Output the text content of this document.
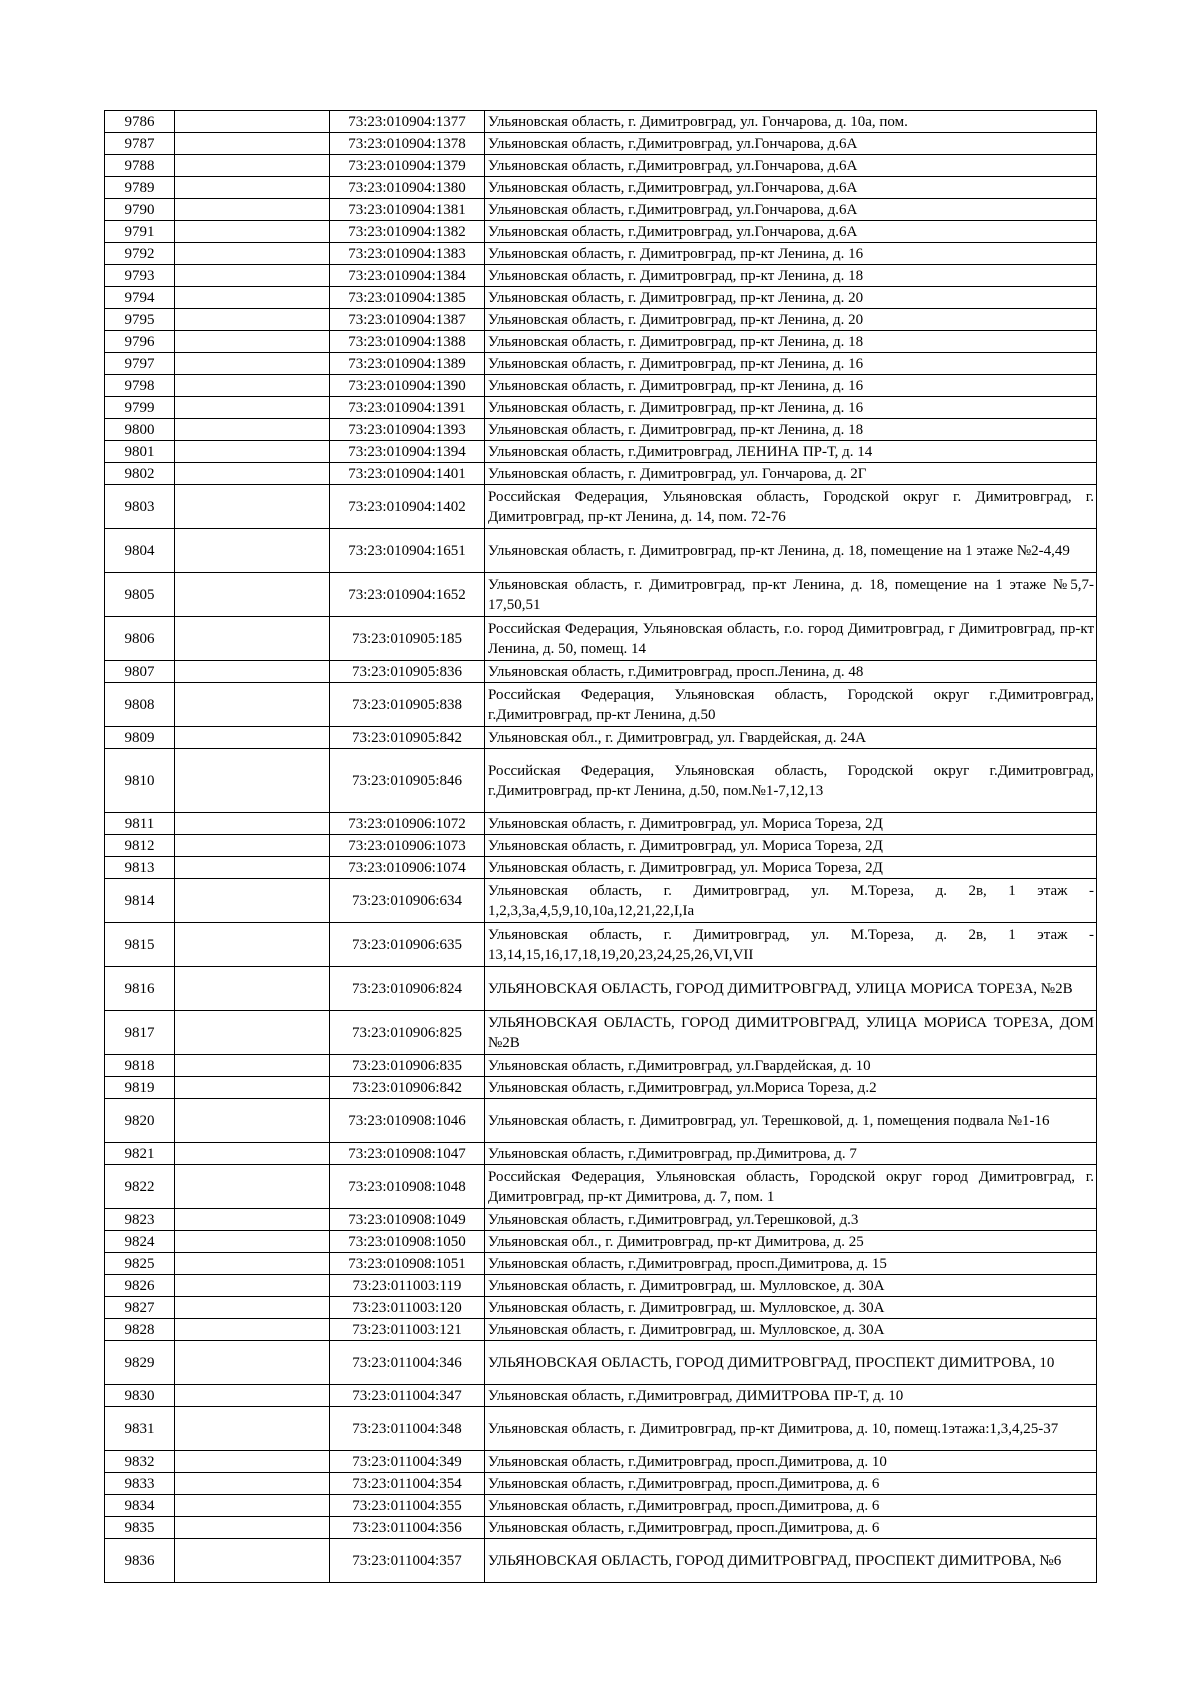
9786		73:23:010904:1377	Ульяновская область, г. Димитровград, ул. Гончарова, д. 10а, пом.
9787		73:23:010904:1378	Ульяновская область, г.Димитровград, ул.Гончарова, д.6А
9788		73:23:010904:1379	Ульяновская область, г.Димитровград, ул.Гончарова, д.6А
9789		73:23:010904:1380	Ульяновская область, г.Димитровград, ул.Гончарова, д.6А
9790		73:23:010904:1381	Ульяновская область, г.Димитровград, ул.Гончарова, д.6А
9791		73:23:010904:1382	Ульяновская область, г.Димитровград, ул.Гончарова, д.6А
9792		73:23:010904:1383	Ульяновская область, г. Димитровград, пр-кт Ленина, д. 16
9793		73:23:010904:1384	Ульяновская область, г. Димитровград, пр-кт Ленина, д. 18
9794		73:23:010904:1385	Ульяновская область, г. Димитровград, пр-кт Ленина, д. 20
9795		73:23:010904:1387	Ульяновская область, г. Димитровград, пр-кт Ленина, д. 20
9796		73:23:010904:1388	Ульяновская область, г. Димитровград, пр-кт Ленина, д. 18
9797		73:23:010904:1389	Ульяновская область, г. Димитровград, пр-кт Ленина, д. 16
9798		73:23:010904:1390	Ульяновская область, г. Димитровград, пр-кт Ленина, д. 16
9799		73:23:010904:1391	Ульяновская область, г. Димитровград, пр-кт Ленина, д. 16
9800		73:23:010904:1393	Ульяновская область, г. Димитровград, пр-кт Ленина, д. 18
9801		73:23:010904:1394	Ульяновская область, г.Димитровград, ЛЕНИНА ПР-Т, д. 14
9802		73:23:010904:1401	Ульяновская область, г. Димитровград, ул. Гончарова, д. 2Г
9803		73:23:010904:1402	Российская Федерация, Ульяновская область, Городской округ г. Димитровград, г. Димитровград, пр-кт Ленина, д. 14, пом. 72-76
9804		73:23:010904:1651	Ульяновская область, г. Димитровград, пр-кт Ленина, д. 18, помещение на 1 этаже №2-4,49
9805		73:23:010904:1652	Ульяновская область, г. Димитровград, пр-кт Ленина, д. 18, помещение на 1 этаже №5,7-17,50,51
9806		73:23:010905:185	Российская Федерация, Ульяновская область, г.о. город Димитровград, г Димитровград, пр-кт Ленина, д. 50, помещ. 14
9807		73:23:010905:836	Ульяновская область, г.Димитровград, просп.Ленина, д. 48
9808		73:23:010905:838	Российская Федерация, Ульяновская область, Городской округ г.Димитровград, г.Димитровград, пр-кт Ленина, д.50
9809		73:23:010905:842	Ульяновская обл., г. Димитровград, ул. Гвардейская, д. 24А
9810		73:23:010905:846	Российская Федерация, Ульяновская область, Городской округ г.Димитровград, г.Димитровград, пр-кт Ленина, д.50, пом.№1-7,12,13
9811		73:23:010906:1072	Ульяновская область, г. Димитровград, ул. Мориса Тореза, 2Д
9812		73:23:010906:1073	Ульяновская область, г. Димитровград, ул. Мориса Тореза, 2Д
9813		73:23:010906:1074	Ульяновская область, г. Димитровград, ул. Мориса Тореза, 2Д
9814		73:23:010906:634	Ульяновская область, г. Димитровград, ул. М.Тореза, д. 2в, 1 этаж - 1,2,3,3а,4,5,9,10,10а,12,21,22,I,Ia
9815		73:23:010906:635	Ульяновская область, г. Димитровград, ул. М.Тореза, д. 2в, 1 этаж - 13,14,15,16,17,18,19,20,23,24,25,26,VI,VII
9816		73:23:010906:824	УЛЬЯНОВСКАЯ ОБЛАСТЬ, ГОРОД ДИМИТРОВГРАД, УЛИЦА МОРИСА ТОРЕЗА, №2В
9817		73:23:010906:825	УЛЬЯНОВСКАЯ ОБЛАСТЬ, ГОРОД ДИМИТРОВГРАД, УЛИЦА МОРИСА ТОРЕЗА, ДОМ №2В
9818		73:23:010906:835	Ульяновская область, г.Димитровград, ул.Гвардейская, д. 10
9819		73:23:010906:842	Ульяновская область, г.Димитровград, ул.Мориса Тореза, д.2
9820		73:23:010908:1046	Ульяновская область, г. Димитровград, ул. Терешковой, д. 1, помещения подвала №1-16
9821		73:23:010908:1047	Ульяновская область, г.Димитровград, пр.Димитрова, д. 7
9822		73:23:010908:1048	Российская Федерация, Ульяновская область, Городской округ город Димитровград, г. Димитровград, пр-кт Димитрова, д. 7, пом. 1
9823		73:23:010908:1049	Ульяновская область, г.Димитровград, ул.Терешковой, д.3
9824		73:23:010908:1050	Ульяновская обл., г. Димитровград, пр-кт Димитрова, д. 25
9825		73:23:010908:1051	Ульяновская область, г.Димитровград, просп.Димитрова, д. 15
9826		73:23:011003:119	Ульяновская область, г. Димитровград, ш. Мулловское, д. 30А
9827		73:23:011003:120	Ульяновская область, г. Димитровград, ш. Мулловское, д. 30А
9828		73:23:011003:121	Ульяновская область, г. Димитровград, ш. Мулловское, д. 30А
9829		73:23:011004:346	УЛЬЯНОВСКАЯ ОБЛАСТЬ, ГОРОД ДИМИТРОВГРАД, ПРОСПЕКТ ДИМИТРОВА, 10
9830		73:23:011004:347	Ульяновская область, г.Димитровград, ДИМИТРОВА ПР-Т, д. 10
9831		73:23:011004:348	Ульяновская область, г. Димитровград, пр-кт Димитрова, д. 10, помещ.1этажа:1,3,4,25-37
9832		73:23:011004:349	Ульяновская область, г.Димитровград, просп.Димитрова, д. 10
9833		73:23:011004:354	Ульяновская область, г.Димитровград, просп.Димитрова, д. 6
9834		73:23:011004:355	Ульяновская область, г.Димитровград, просп.Димитрова, д. 6
9835		73:23:011004:356	Ульяновская область, г.Димитровград, просп.Димитрова, д. 6
9836		73:23:011004:357	УЛЬЯНОВСКАЯ ОБЛАСТЬ, ГОРОД ДИМИТРОВГРАД, ПРОСПЕКТ ДИМИТРОВА, №6
